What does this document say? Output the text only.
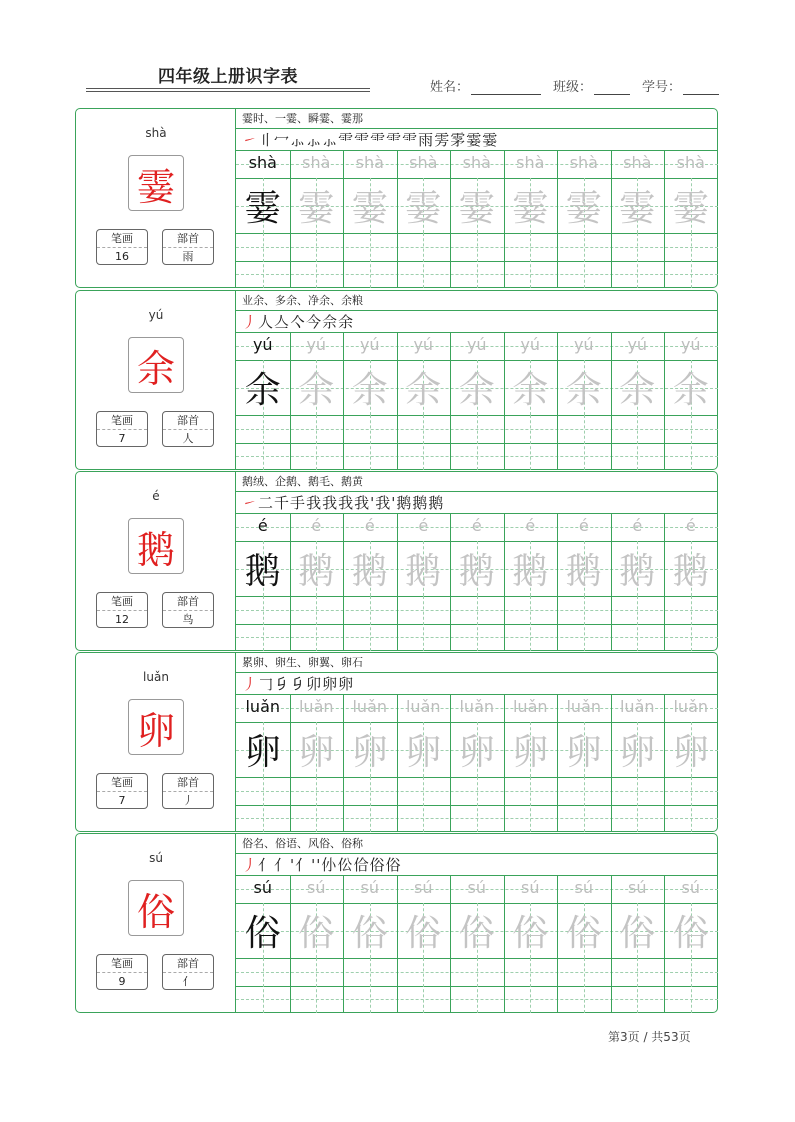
四年级上册识字表
姓名：	班级：	学号：
shà
霎
笔画
16
部首
雨
霎时、一霎、瞬霎、霎那
㇀〢冖⺗⺗⺗⻗⻗⻗⻗⻗雨雱雺霎霎
shà
霎
shà
霎
shà
霎
shà
霎
shà
霎
shà
霎
shà
霎
shà
霎
shà
霎
yú
余
笔画
7
部首
人
业余、多余、净余、余粮
丿人亼亽今佘余
yú
余
yú
余
yú
余
yú
余
yú
余
yú
余
yú
余
yú
余
yú
余
é
鹅
笔画
12
部首
鸟
鹅绒、企鹅、鹅毛、鹅黄
㇀二千手我我我我'我'鹅鹅鹅
é
鹅
é
鹅
é
鹅
é
鹅
é
鹅
é
鹅
é
鹅
é
鹅
é
鹅
luǎn
卵
笔画
7
部首
丿
累卵、卵生、卵翼、卵石
丿𠃌𠂎𠂎卯卵卵
luǎn
卵
luǎn
卵
luǎn
卵
luǎn
卵
luǎn
卵
luǎn
卵
luǎn
卵
luǎn
卵
luǎn
卵
sú
俗
笔画
9
部首
亻
俗名、俗语、风俗、俗称
丿亻亻'亻''仦伀佮俗俗
sú
俗
sú
俗
sú
俗
sú
俗
sú
俗
sú
俗
sú
俗
sú
俗
sú
俗
第3页 / 共53页
